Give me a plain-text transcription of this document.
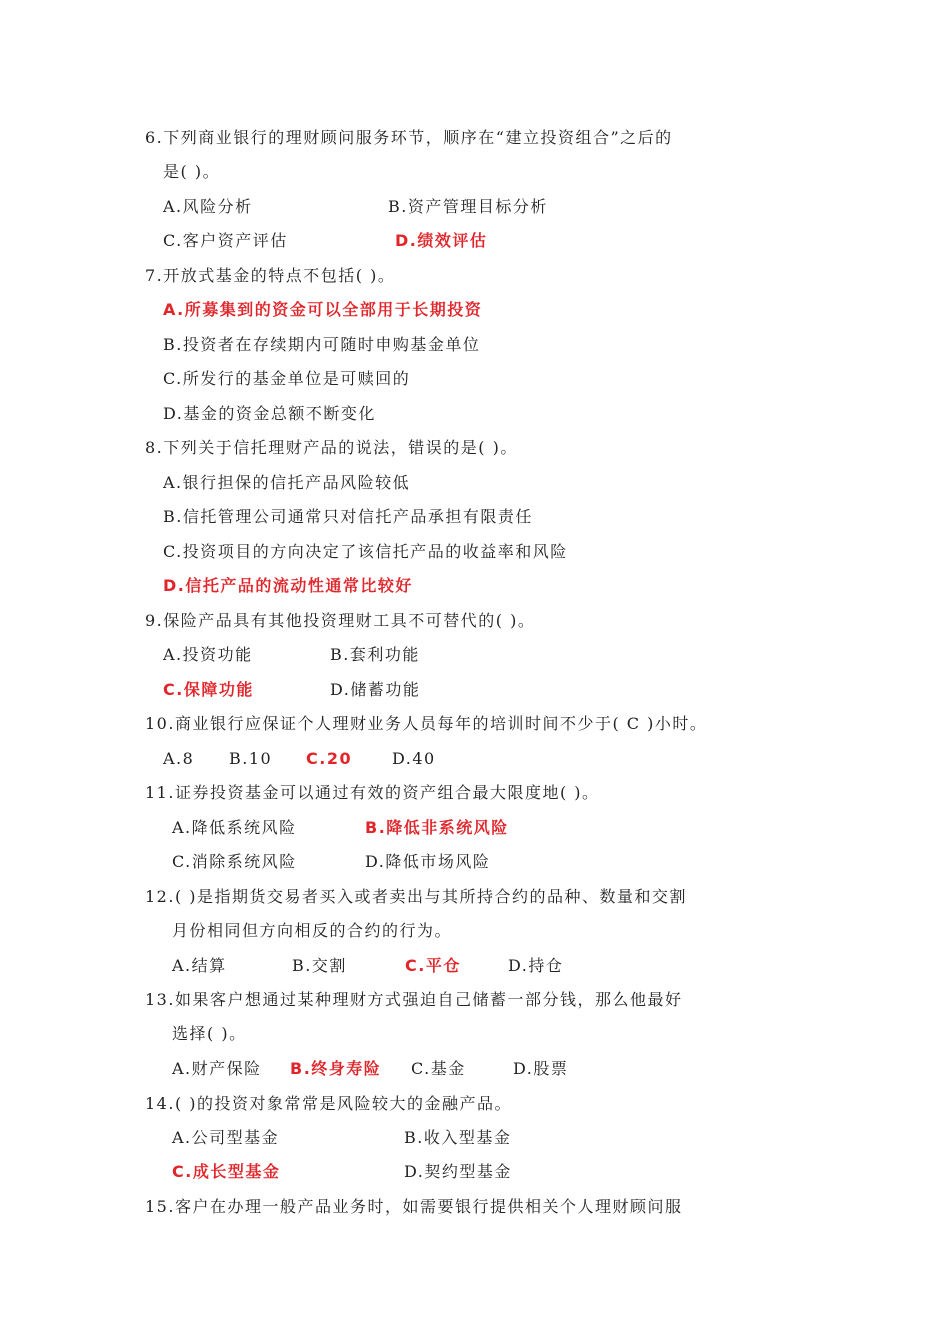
6.下列商业银行的理财顾问服务环节，顺序在“建立投资组合”之后的
是( )。
A.风险分析	B.资产管理目标分析
C.客户资产评估	D.绩效评估
7.开放式基金的特点不包括( )。
A.所募集到的资金可以全部用于长期投资
B.投资者在存续期内可随时申购基金单位
C.所发行的基金单位是可赎回的
D.基金的资金总额不断变化
8.下列关于信托理财产品的说法，错误的是( )。
A.银行担保的信托产品风险较低
B.信托管理公司通常只对信托产品承担有限责任
C.投资项目的方向决定了该信托产品的收益率和风险
D.信托产品的流动性通常比较好
9.保险产品具有其他投资理财工具不可替代的( )。
A.投资功能	B.套利功能
C.保障功能	D.储蓄功能
10.商业银行应保证个人理财业务人员每年的培训时间不少于( C )小时。
A.8 B.10 C.20 D.40
11.证券投资基金可以通过有效的资产组合最大限度地( )。
A.降低系统风险	B.降低非系统风险
C.消除系统风险	D.降低市场风险
12.( )是指期货交易者买入或者卖出与其所持合约的品种、数量和交割
月份相同但方向相反的合约的行为。
A.结算	B.交割	C.平仓	D.持仓
13.如果客户想通过某种理财方式强迫自己储蓄一部分钱，那么他最好
选择( )。
A.财产保险 B.终身寿险 C.基金	D.股票
14.( )的投资对象常常是风险较大的金融产品。
A.公司型基金	B.收入型基金
C.成长型基金	D.契约型基金
15.客户在办理一般产品业务时，如需要银行提供相关个人理财顾问服
